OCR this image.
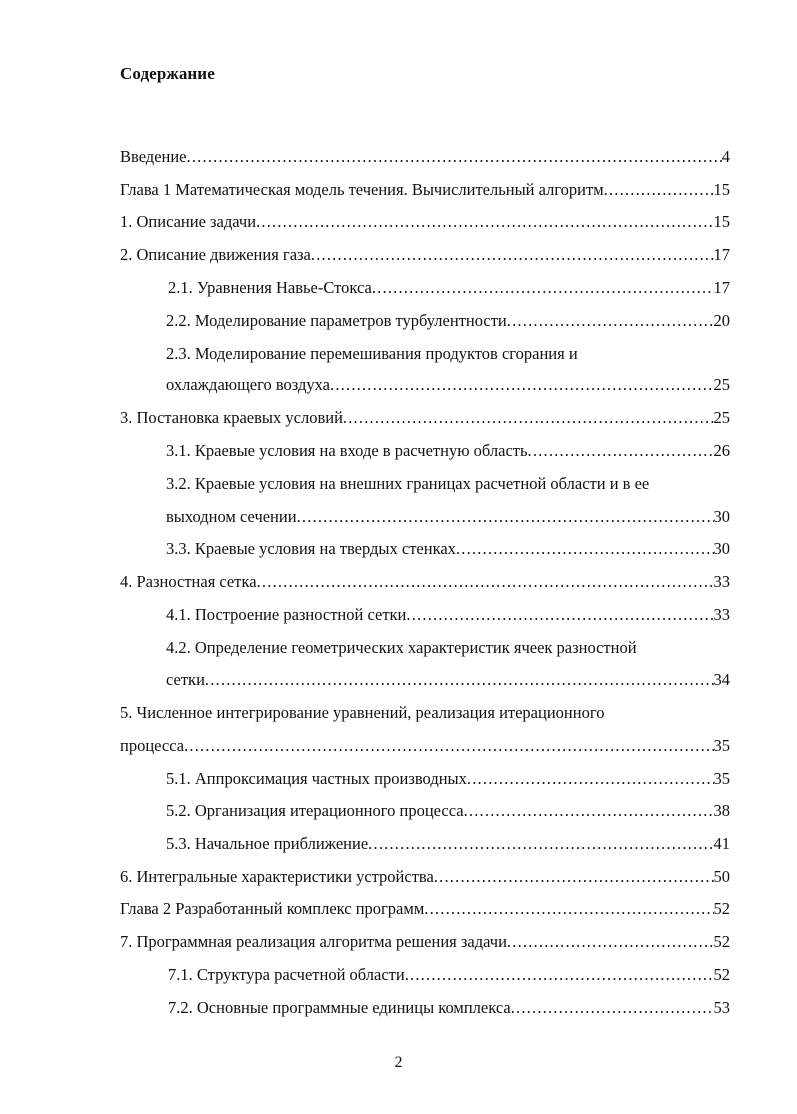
Содержание
Введение .....	4
Глава 1 Математическая модель течения. Вычислительный алгоритм .....	15
1. Описание задачи .....	15
2. Описание движения газа .....	17
2.1. Уравнения Навье-Стокса .....	17
2.2. Моделирование параметров турбулентности .....	20
2.3. Моделирование перемешивания продуктов сгорания и
охлаждающего воздуха .....	25
3. Постановка краевых условий .....	25
3.1. Краевые условия на входе в расчетную область .....	26
3.2. Краевые условия на внешних границах расчетной области и в ее
выходном сечении .....	30
3.3. Краевые условия на твердых стенках .....	30
4. Разностная сетка .....	33
4.1. Построение разностной сетки .....	33
4.2. Определение геометрических характеристик ячеек разностной
сетки .....	34
5. Численное интегрирование уравнений, реализация итерационного
процесса .....	35
5.1. Аппроксимация частных производных .....	35
5.2. Организация итерационного процесса .....	38
5.3. Начальное приближение .....	41
6. Интегральные характеристики устройства .....	50
Глава 2 Разработанный комплекс программ .....	52
7. Программная реализация алгоритма решения задачи .....	52
7.1. Структура расчетной области .....	52
7.2. Основные программные единицы комплекса .....	53
2
